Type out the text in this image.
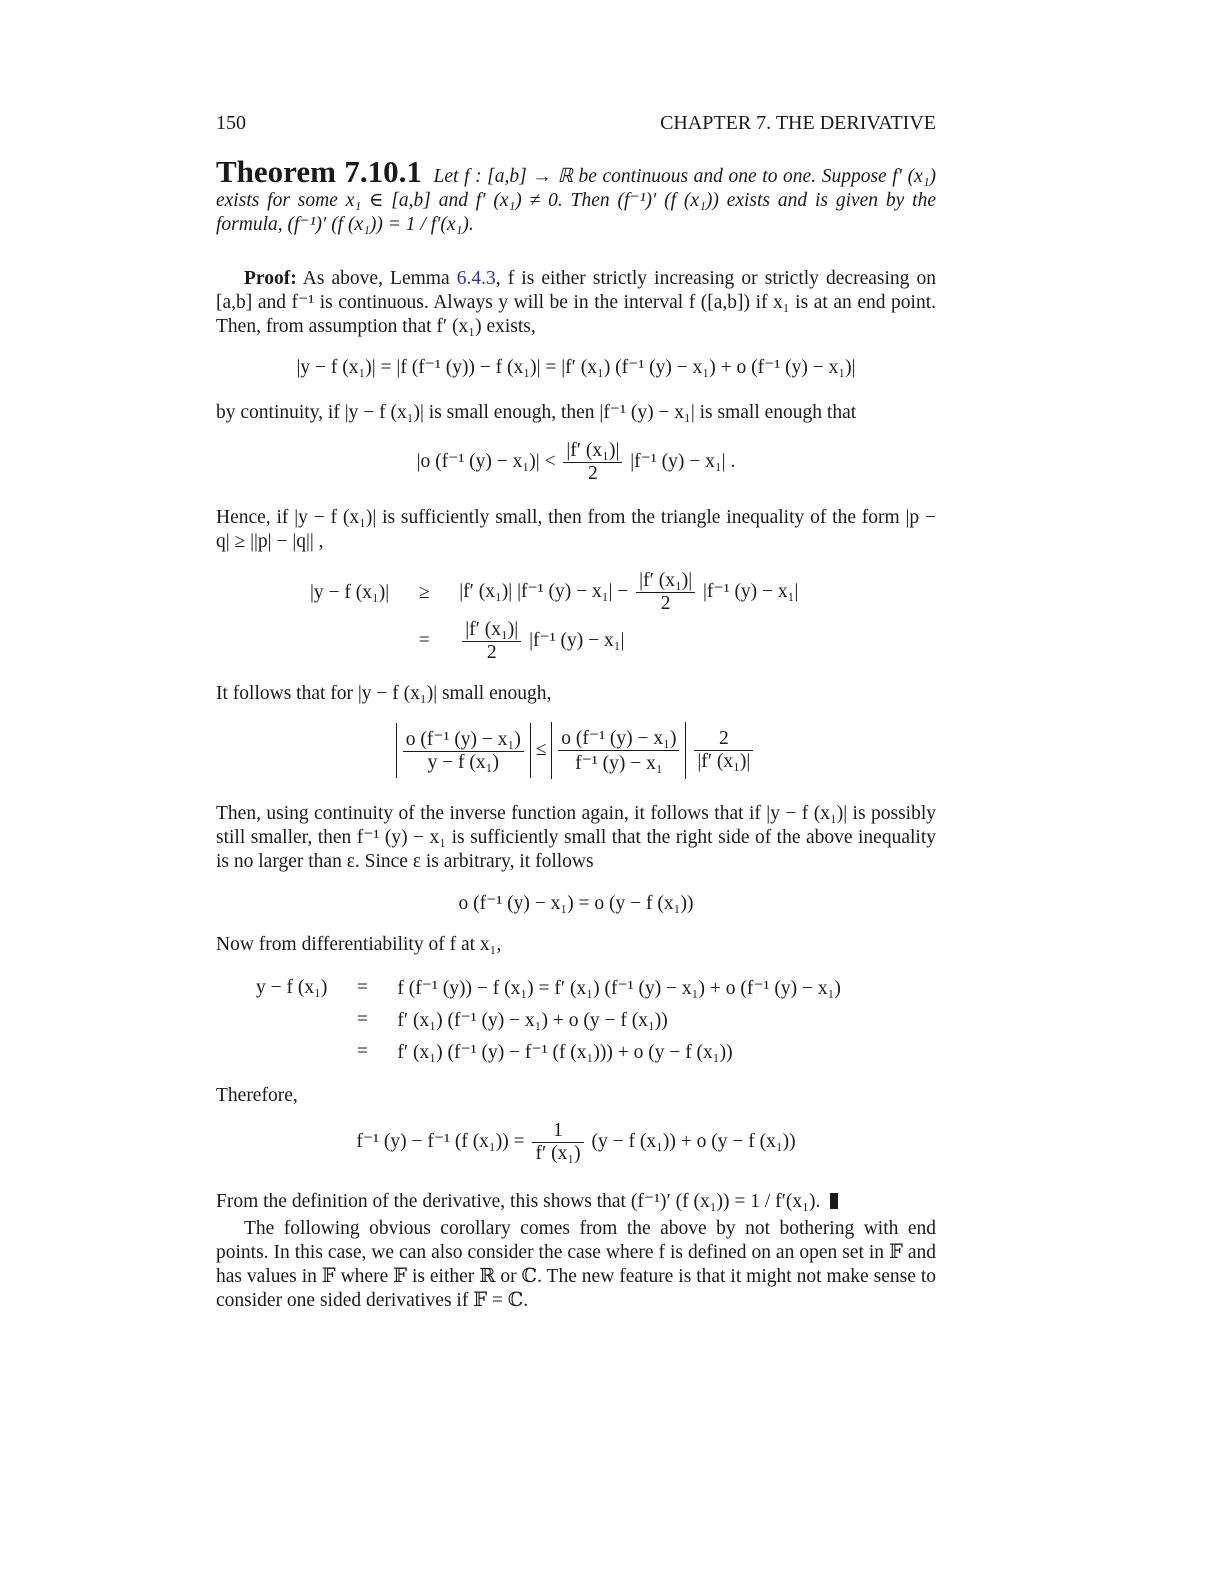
150	CHAPTER 7. THE DERIVATIVE
Theorem 7.10.1 Let f : [a,b] → ℝ be continuous and one to one. Suppose f′ (x₁) exists for some x₁ ∈ [a,b] and f′ (x₁) ≠ 0. Then (f⁻¹)′ (f (x₁)) exists and is given by the formula, (f⁻¹)′ (f (x₁)) = 1 / f′(x₁).
Proof: As above, Lemma 6.4.3, f is either strictly increasing or strictly decreasing on [a,b] and f⁻¹ is continuous. Always y will be in the interval f ([a,b]) if x₁ is at an end point. Then, from assumption that f′ (x₁) exists,
|y − f (x₁)| = |f (f⁻¹ (y)) − f (x₁)| = |f′ (x₁) (f⁻¹ (y) − x₁) + o (f⁻¹ (y) − x₁)|
by continuity, if |y − f (x₁)| is small enough, then |f⁻¹ (y) − x₁| is small enough that
|o (f⁻¹ $(y) - x_1)| < \frac{\text{|f′ (x₁)|}}{2} |f^{-1}$ (y) − x₁| .
Hence, if |y − f (x₁)| is sufficiently small, then from the triangle inequality of the form |p − q| ≥ ||p| − |q|| ,
|y − f (x₁)|	≥	|f′ (x₁)| |f⁻¹ $(y) - x_1| - \frac{\text{|f′ (x₁)|}}{2} |f^{-1}$ (y) − x₁|
	=	$\frac{\text{|f′ (x₁)|}}{2} |f^{-1}$ (y) − x₁|
It follows that for |y − f (x₁)| small enough,
$\frac{\text{o (f⁻¹ (y) − x₁)}}{\text{y − f (x₁)}} \le \frac{\text{o (f⁻¹ (y) − x₁)}}{\text{f⁻¹ (y) − x₁}}$
$\frac{2}{\text{|f′ (x₁)|}}$
Then, using continuity of the inverse function again, it follows that if |y − f (x₁)| is possibly still smaller, then f⁻¹ (y) − x₁ is sufficiently small that the right side of the above inequality is no larger than ε. Since ε is arbitrary, it follows
o (f⁻¹ (y) − x₁) = o (y − f (x₁))
Now from differentiability of f at x₁,
y − f (x₁)	=	f (f⁻¹ (y)) − f (x₁) = f′ (x₁) (f⁻¹ (y) − x₁) + o (f⁻¹ (y) − x₁)
	=	f′ (x₁) (f⁻¹ (y) − x₁) + o (y − f (x₁))
	=	f′ (x₁) (f⁻¹ (y) − f⁻¹ (f (x₁))) + o (y − f (x₁))
Therefore,
f⁻¹ (y) − f⁻¹ (f $(x_1)) = \frac{1}{\text{f′ (x₁)}} (y - f$ (x₁)) + o (y − f (x₁))
From the definition of the derivative, this shows that (f⁻¹)′ (f (x₁)) = 1 / f′(x₁).
The following obvious corollary comes from the above by not bothering with end points. In this case, we can also consider the case where f is defined on an open set in 𝔽 and has values in 𝔽 where 𝔽 is either ℝ or ℂ. The new feature is that it might not make sense to consider one sided derivatives if 𝔽 = ℂ.
